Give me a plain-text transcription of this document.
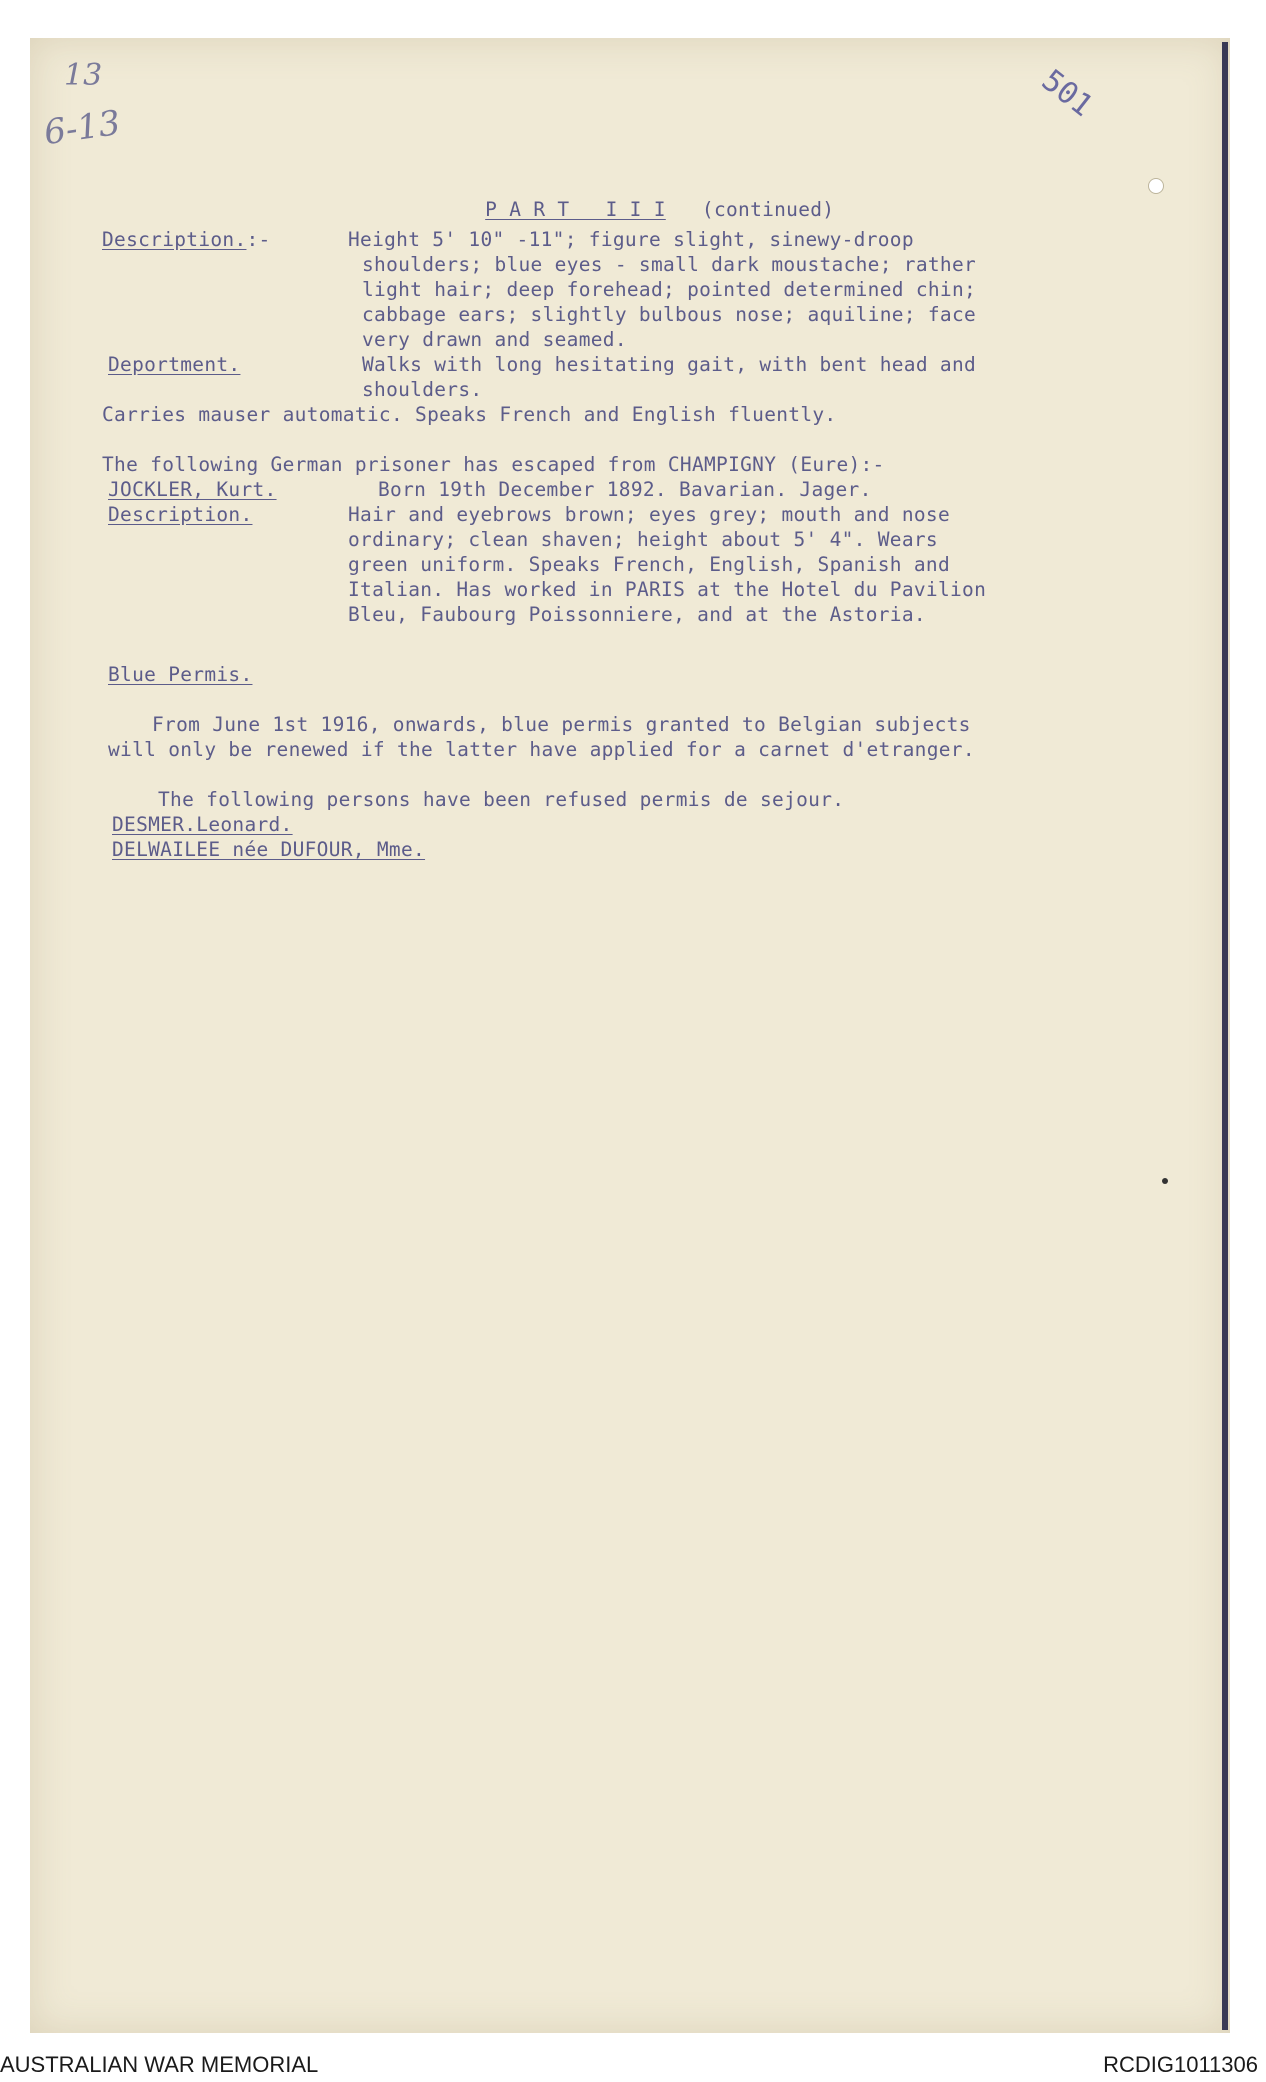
13
6-13
501

P A R T   I I I (continued)

Description.:-	Height 5' 10" -11"; figure slight, sinewy-droop
shoulders; blue eyes - small dark moustache; rather
light hair; deep forehead; pointed determined chin;
cabbage ears; slightly bulbous nose; aquiline; face
very drawn and seamed.
Deportment.	Walks with long hesitating gait, with bent head and
shoulders.
Carries mauser automatic. Speaks French and English fluently.
The following German prisoner has escaped from CHAMPIGNY (Eure):-
JOCKLER, Kurt.	Born 19th December 1892. Bavarian. Jager.
Description.	Hair and eyebrows brown; eyes grey; mouth and nose
ordinary; clean shaven; height about 5' 4". Wears
green uniform. Speaks French, English, Spanish and
Italian. Has worked in PARIS at the Hotel du Pavilion
Bleu, Faubourg Poissonniere, and at the Astoria.
Blue Permis.
From June 1st 1916, onwards, blue permis granted to Belgian subjects
will only be renewed if the latter have applied for a carnet d'etranger.
The following persons have been refused permis de sejour.
DESMER.Leonard.
DELWAILEE née DUFOUR, Mme.
AUSTRALIAN WAR MEMORIAL	RCDIG1011306
